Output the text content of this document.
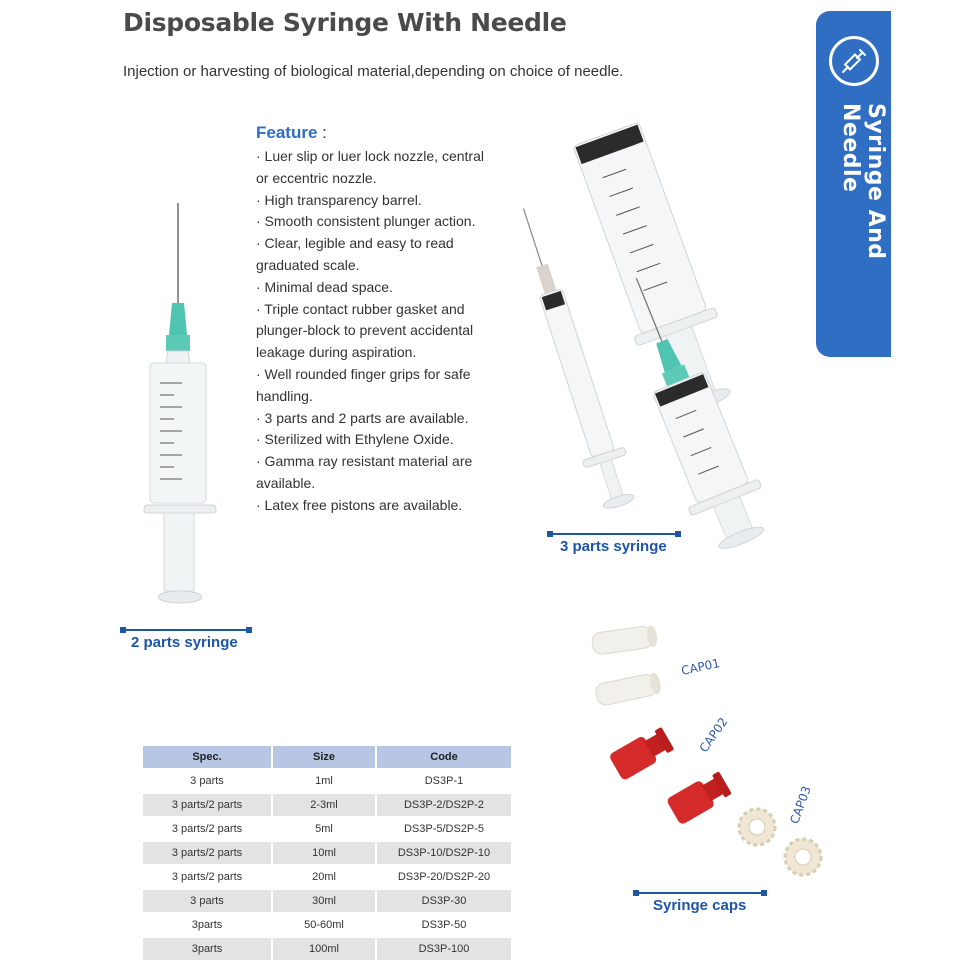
Disposable Syringe With Needle
Injection or harvesting of biological material,depending on choice of needle.
Syringe And Needle
Feature :
· Luer slip or luer lock nozzle, central or eccentric nozzle.
· High transparency barrel.
· Smooth consistent plunger action.
· Clear, legible and easy to read graduated scale.
· Minimal dead space.
· Triple contact rubber gasket and plunger-block to prevent accidental leakage during aspiration.
· Well rounded finger grips for safe handling.
· 3 parts and 2 parts are available.
· Sterilized with Ethylene Oxide.
· Gamma ray resistant material are available.
· Latex free pistons are available.
2 parts syringe
3 parts syringe
Syringe caps
CAP01
CAP02
CAP03
Spec.	Size	Code
3 parts	1ml	DS3P-1
3 parts/2 parts	2-3ml	DS3P-2/DS2P-2
3 parts/2 parts	5ml	DS3P-5/DS2P-5
3 parts/2 parts	10ml	DS3P-10/DS2P-10
3 parts/2 parts	20ml	DS3P-20/DS2P-20
3 parts	30ml	DS3P-30
3parts	50-60ml	DS3P-50
3parts	100ml	DS3P-100
